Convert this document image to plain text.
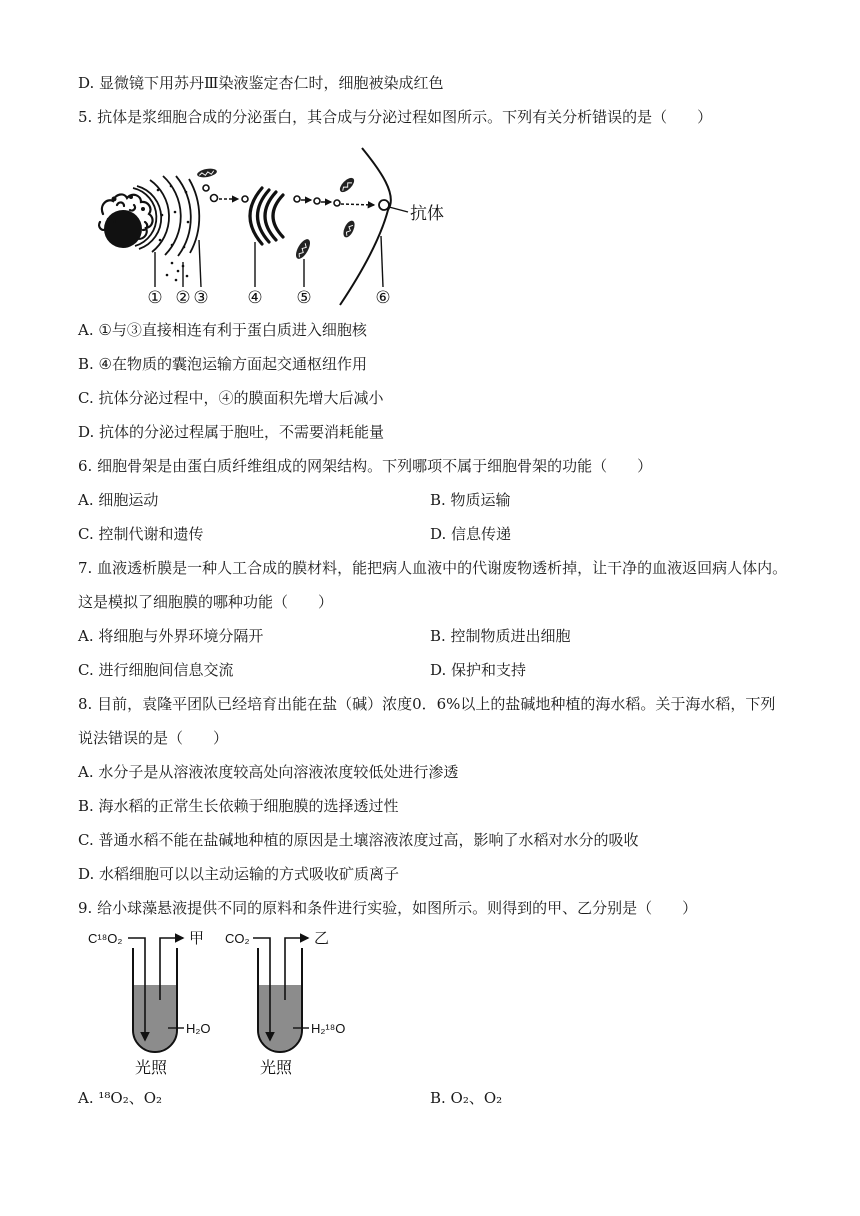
D. 显微镜下用苏丹Ⅲ染液鉴定杏仁时，细胞被染成红色
5. 抗体是浆细胞合成的分泌蛋白，其合成与分泌过程如图所示。下列有关分析错误的是（　　）
抗体
① ② ③ ④ ⑤	⑥
A. ①与③直接相连有利于蛋白质进入细胞核
B. ④在物质的囊泡运输方面起交通枢纽作用
C. 抗体分泌过程中，④的膜面积先增大后减小
D. 抗体的分泌过程属于胞吐，不需要消耗能量
6. 细胞骨架是由蛋白质纤维组成的网架结构。下列哪项不属于细胞骨架的功能（　　）
A. 细胞运动	B. 物质运输
C. 控制代谢和遗传	D. 信息传递
7. 血液透析膜是一种人工合成的膜材料，能把病人血液中的代谢废物透析掉，让干净的血液返回病人体内。
这是模拟了细胞膜的哪种功能（　　）
A. 将细胞与外界环境分隔开	B. 控制物质进出细胞
C. 进行细胞间信息交流	D. 保护和支持
8. 目前，袁隆平团队已经培育出能在盐（碱）浓度0．6%以上的盐碱地种植的海水稻。关于海水稻，下列
说法错误的是（　　）
A. 水分子是从溶液浓度较高处向溶液浓度较低处进行渗透
B. 海水稻的正常生长依赖于细胞膜的选择透过性
C. 普通水稻不能在盐碱地种植的原因是土壤溶液浓度过高，影响了水稻对水分的吸收
D. 水稻细胞可以以主动运输的方式吸收矿质离子
9. 给小球藻悬液提供不同的原料和条件进行实验，如图所示。则得到的甲、乙分别是（　　）
C¹⁸O₂	甲
H₂O
光照
CO₂	乙
H₂¹⁸O
光照
A. ¹⁸O₂、O₂	B. O₂、O₂
